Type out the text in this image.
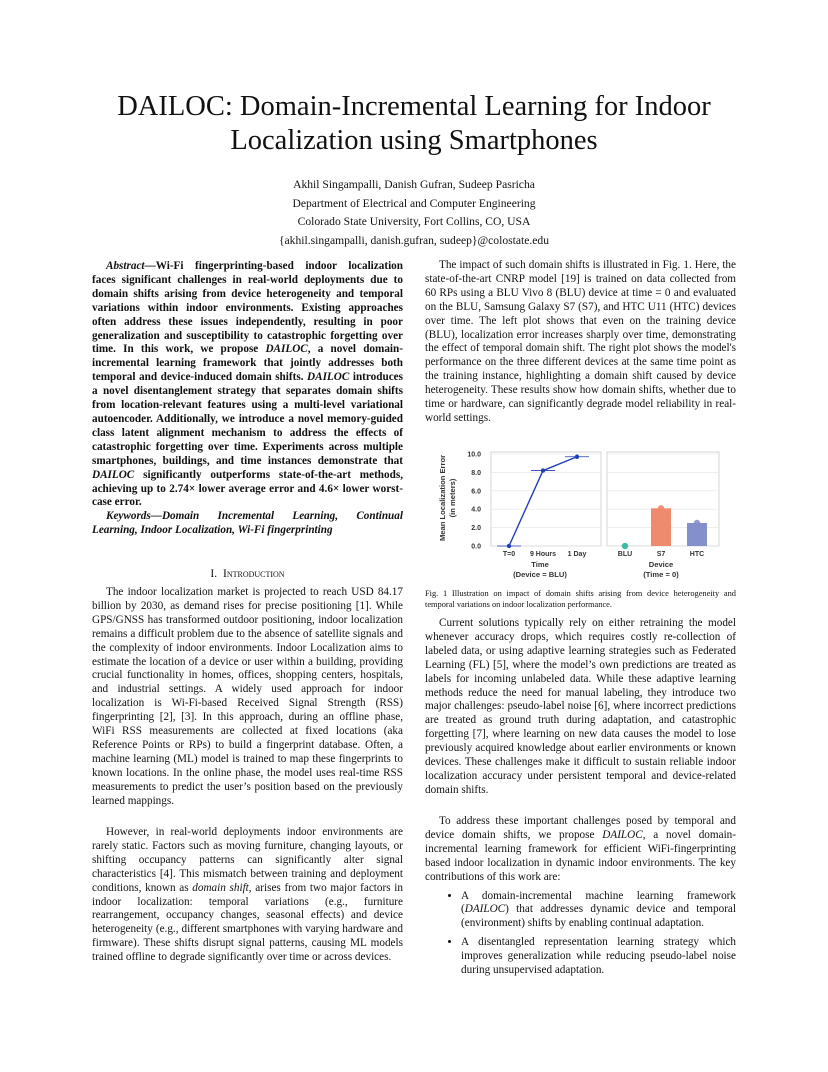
DAILOC: Domain-Incremental Learning for Indoor
Localization using Smartphones
Akhil Singampalli, Danish Gufran, Sudeep Pasricha
Department of Electrical and Computer Engineering
Colorado State University, Fort Collins, CO, USA
{akhil.singampalli, danish.gufran, sudeep}@colostate.edu
Abstract—Wi-Fi fingerprinting-based indoor localization faces significant challenges in real-world deployments due to domain shifts arising from device heterogeneity and temporal variations within indoor environments. Existing approaches often address these issues independently, resulting in poor generalization and susceptibility to catastrophic forgetting over time. In this work, we propose DAILOC, a novel domain-incremental learning framework that jointly addresses both temporal and device-induced domain shifts. DAILOC introduces a novel disentanglement strategy that separates domain shifts from location-relevant features using a multi-level variational autoencoder. Additionally, we introduce a novel memory-guided class latent alignment mechanism to address the effects of catastrophic forgetting over time. Experiments across multiple smartphones, buildings, and time instances demonstrate that DAILOC significantly outperforms state-of-the-art methods, achieving up to 2.74× lower average error and 4.6× lower worst-case error.
Keywords—Domain Incremental Learning, Continual Learning, Indoor Localization, Wi-Fi fingerprinting
I. Introduction

The indoor localization market is projected to reach USD 84.17 billion by 2030, as demand rises for precise positioning [1]. While GPS/GNSS has transformed outdoor positioning, indoor localization remains a difficult problem due to the absence of satellite signals and the complexity of indoor environments. Indoor Localization aims to estimate the location of a device or user within a building, providing crucial functionality in homes, offices, shopping centers, hospitals, and industrial settings. A widely used approach for indoor localization is Wi-Fi-based Received Signal Strength (RSS) fingerprinting [2], [3]. In this approach, during an offline phase, WiFi RSS measurements are collected at fixed locations (aka Reference Points or RPs) to build a fingerprint database. Often, a machine learning (ML) model is trained to map these fingerprints to known locations. In the online phase, the model uses real-time RSS measurements to predict the user’s position based on the previously learned mappings.

However, in real-world deployments indoor environments are rarely static. Factors such as moving furniture, changing layouts, or shifting occupancy patterns can significantly alter signal characteristics [4]. This mismatch between training and deployment conditions, known as domain shift, arises from two major factors in indoor localization: temporal variations (e.g., furniture rearrangement, occupancy changes, seasonal effects) and device heterogeneity (e.g., different smartphones with varying hardware and firmware). These shifts disrupt signal patterns, causing ML models trained offline to degrade significantly over time or across devices.

The impact of such domain shifts is illustrated in Fig. 1. Here, the state-of-the-art CNRP model [19] is trained on data collected from 60 RPs using a BLU Vivo 8 (BLU) device at time = 0 and evaluated on the BLU, Samsung Galaxy S7 (S7), and HTC U11 (HTC) devices over time. The left plot shows that even on the training device (BLU), localization error increases sharply over time, demonstrating the effect of temporal domain shift. The right plot shows the model's performance on the three different devices at the same time point as the training instance, highlighting a domain shift caused by device heterogeneity. These results show how domain shifts, whether due to time or hardware, can significantly degrade model reliability in real-world settings.

Mean Localization Error (in meters)
0.0
2.0
4.0
6.0
8.0
10.0
T=0 9 Hours 1 Day
Time
(Device = BLU)
BLU	S7	HTC
Device
(Time = 0)
Fig. 1 Illustration on impact of domain shifts arising from device heterogeneity and temporal variations on indoor localization performance.

Current solutions typically rely on either retraining the model whenever accuracy drops, which requires costly re-collection of labeled data, or using adaptive learning strategies such as Federated Learning (FL) [5], where the model’s own predictions are treated as labels for incoming unlabeled data. While these adaptive learning methods reduce the need for manual labeling, they introduce two major challenges: pseudo-label noise [6], where incorrect predictions are treated as ground truth during adaptation, and catastrophic forgetting [7], where learning on new data causes the model to lose previously acquired knowledge about earlier environments or known devices. These challenges make it difficult to sustain reliable indoor localization accuracy under persistent temporal and device-related domain shifts.

To address these important challenges posed by temporal and device domain shifts, we propose DAILOC, a novel domain-incremental learning framework for efficient WiFi-fingerprinting based indoor localization in dynamic indoor environments. The key contributions of this work are:

• A domain-incremental machine learning framework (DAILOC) that addresses dynamic device and temporal (environment) shifts by enabling continual adaptation.
• A disentangled representation learning strategy which improves generalization while reducing pseudo-label noise during unsupervised adaptation.
